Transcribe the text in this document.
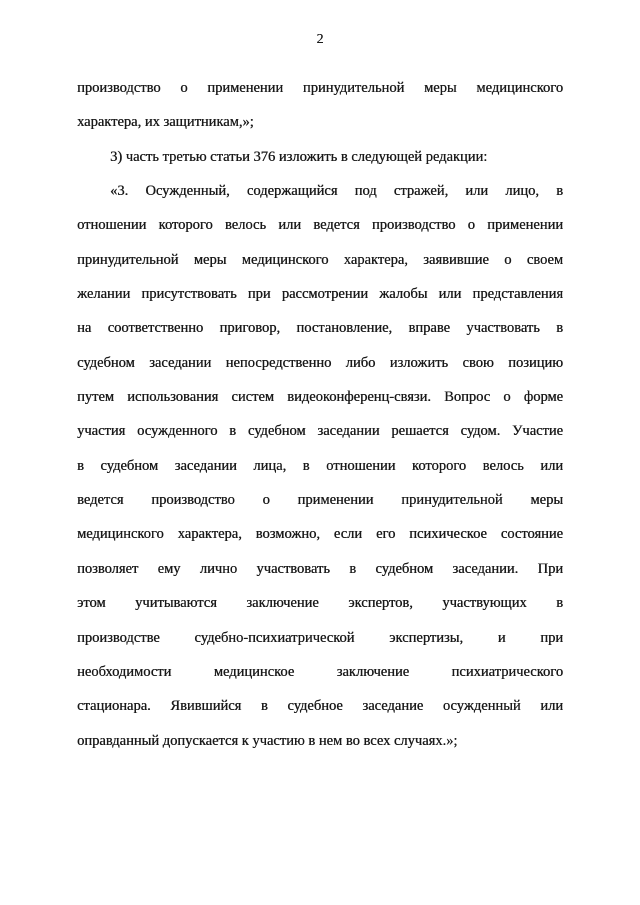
2
производство о применении принудительной меры медицинского
характера, их защитникам,»;
3) часть третью статьи 376 изложить в следующей редакции:
«3. Осужденный, содержащийся под стражей, или лицо, в
отношении которого велось или ведется производство о применении
принудительной меры медицинского характера, заявившие о своем
желании присутствовать при рассмотрении жалобы или представления
на соответственно приговор, постановление, вправе участвовать в
судебном заседании непосредственно либо изложить свою позицию
путем использования систем видеоконференц-связи. Вопрос о форме
участия осужденного в судебном заседании решается судом. Участие
в судебном заседании лица, в отношении которого велось или
ведется производство о применении принудительной меры
медицинского характера, возможно, если его психическое состояние
позволяет ему лично участвовать в судебном заседании. При
этом учитываются заключение экспертов, участвующих в
производстве судебно-психиатрической экспертизы, и при
необходимости медицинское заключение психиатрического
стационара. Явившийся в судебное заседание осужденный или
оправданный допускается к участию в нем во всех случаях.»;
